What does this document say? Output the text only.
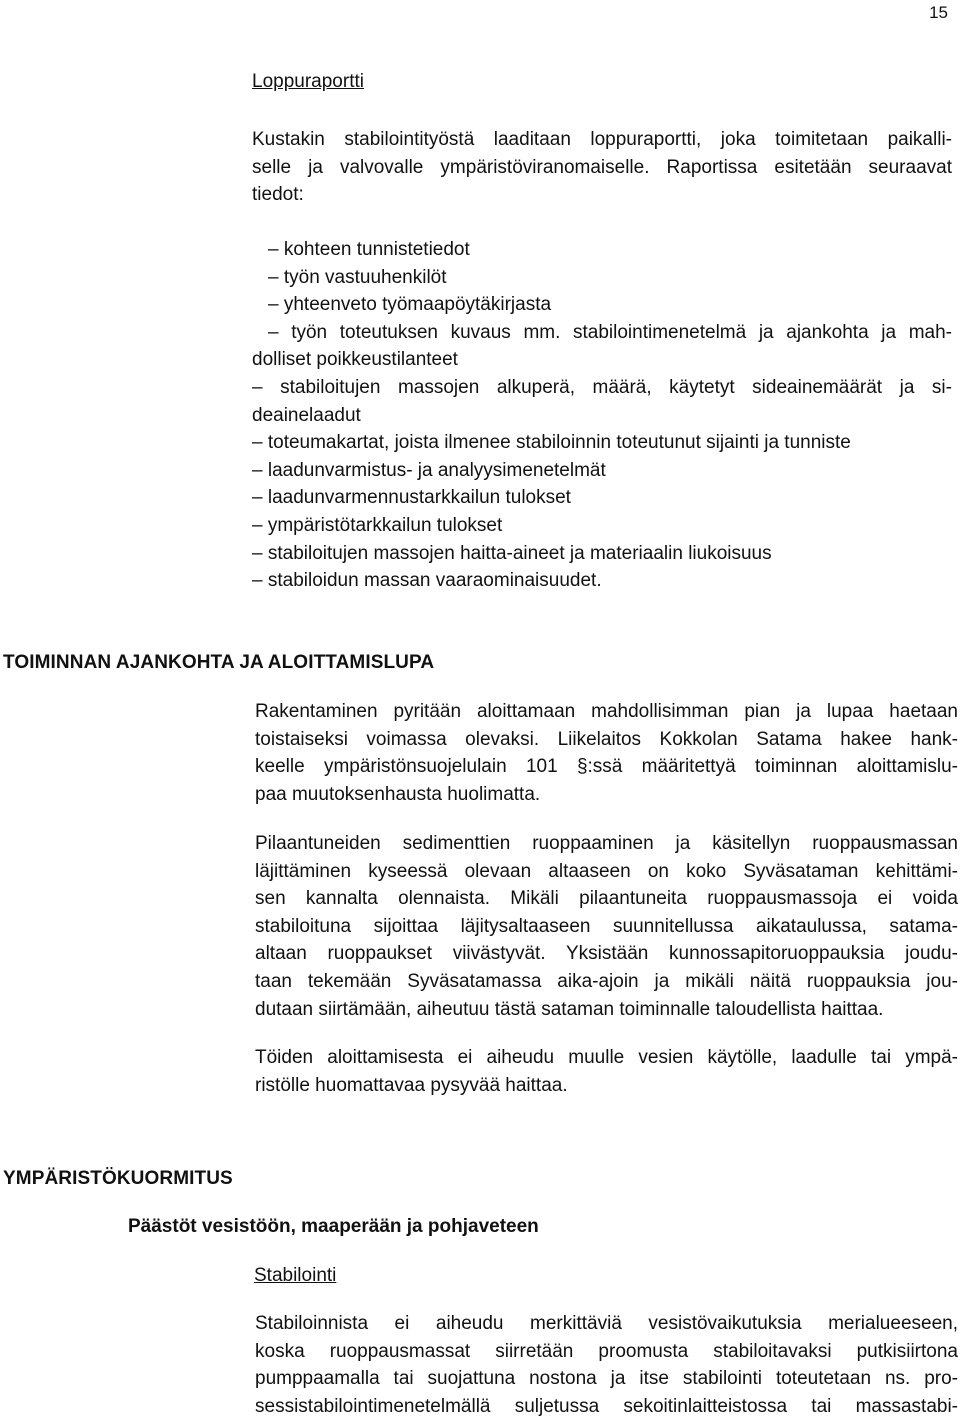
15
Loppuraportti
Kustakin stabilointityöstä laaditaan loppuraportti, joka toimitetaan paikalli-
selle ja valvovalle ympäristöviranomaiselle. Raportissa esitetään seuraavat
tiedot:
– kohteen tunnistetiedot
– työn vastuuhenkilöt
– yhteenveto työmaapöytäkirjasta
– työn toteutuksen kuvaus mm. stabilointimenetelmä ja ajankohta ja mah-
dolliset poikkeustilanteet
– stabiloitujen massojen alkuperä, määrä, käytetyt sideainemäärät ja si-
deainelaadut
– toteumakartat, joista ilmenee stabiloinnin toteutunut sijainti ja tunniste
– laadunvarmistus- ja analyysimenetelmät
– laadunvarmennustarkkailun tulokset
– ympäristötarkkailun tulokset
– stabiloitujen massojen haitta-aineet ja materiaalin liukoisuus
– stabiloidun massan vaaraominaisuudet.
TOIMINNAN AJANKOHTA JA ALOITTAMISLUPA
Rakentaminen pyritään aloittamaan mahdollisimman pian ja lupaa haetaan
toistaiseksi voimassa olevaksi. Liikelaitos Kokkolan Satama hakee hank-
keelle ympäristönsuojelulain 101 §:ssä määritettyä toiminnan aloittamislu-
paa muutoksenhausta huolimatta.
Pilaantuneiden sedimenttien ruoppaaminen ja käsitellyn ruoppausmassan
läjittäminen kyseessä olevaan altaaseen on koko Syväsataman kehittämi-
sen kannalta olennaista. Mikäli pilaantuneita ruoppausmassoja ei voida
stabiloituna sijoittaa läjitysaltaaseen suunnitellussa aikataulussa, satama-
altaan ruoppaukset viivästyvät. Yksistään kunnossapitoruoppauksia joudu-
taan tekemään Syväsatamassa aika-ajoin ja mikäli näitä ruoppauksia jou-
dutaan siirtämään, aiheutuu tästä sataman toiminnalle taloudellista haittaa.
Töiden aloittamisesta ei aiheudu muulle vesien käytölle, laadulle tai ympä-
ristölle huomattavaa pysyvää haittaa.
YMPÄRISTÖKUORMITUS
Päästöt vesistöön, maaperään ja pohjaveteen
Stabilointi
Stabiloinnista ei aiheudu merkittäviä vesistövaikutuksia merialueeseen,
koska ruoppausmassat siirretään proomusta stabiloitavaksi putkisiirtona
pumppaamalla tai suojattuna nostona ja itse stabilointi toteutetaan ns. pro-
sessistabilointimenetelmällä suljetussa sekoitinlaitteistossa tai massastabi-
